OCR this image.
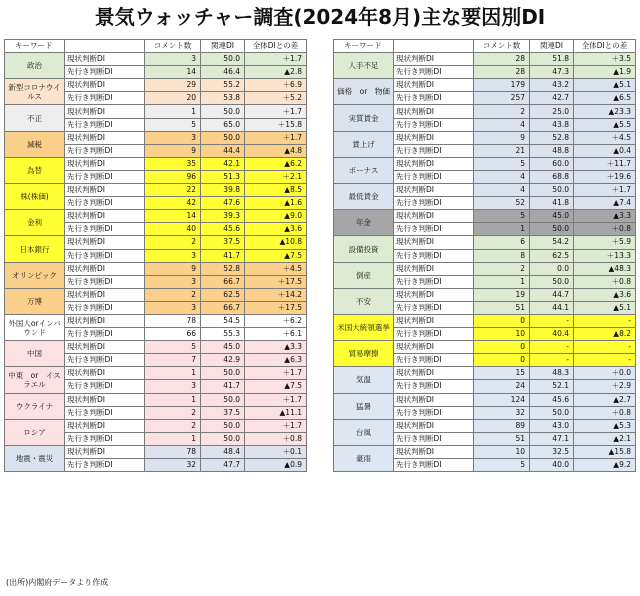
景気ウォッチャー調査(2024年8月)主な要因別DI
キーワード		コメント数	関連DI	全体DIとの差
政治	現状判断DI	3	50.0	＋1.7
	先行き判断DI	14	46.4	▲2.8
新型コロナウイルス	現状判断DI	29	55.2	＋6.9
	先行き判断DI	20	53.8	＋5.2
不正	現状判断DI	1	50.0	＋1.7
	先行き判断DI	5	65.0	＋15.8
減税	現状判断DI	3	50.0	＋1.7
	先行き判断DI	9	44.4	▲4.8
為替	現状判断DI	35	42.1	▲6.2
	先行き判断DI	96	51.3	＋2.1
株(株価)	現状判断DI	22	39.8	▲8.5
	先行き判断DI	42	47.6	▲1.6
金利	現状判断DI	14	39.3	▲9.0
	先行き判断DI	40	45.6	▲3.6
日本銀行	現状判断DI	2	37.5	▲10.8
	先行き判断DI	3	41.7	▲7.5
オリンピック	現状判断DI	9	52.8	＋4.5
	先行き判断DI	3	66.7	＋17.5
万博	現状判断DI	2	62.5	＋14.2
	先行き判断DI	3	66.7	＋17.5
外国人orインバウンド	現状判断DI	78	54.5	＋6.2
	先行き判断DI	66	55.3	＋6.1
中国	現状判断DI	5	45.0	▲3.3
	先行き判断DI	7	42.9	▲6.3
中東　or　イスラエル	現状判断DI	1	50.0	＋1.7
	先行き判断DI	3	41.7	▲7.5
ウクライナ	現状判断DI	1	50.0	＋1.7
	先行き判断DI	2	37.5	▲11.1
ロシア	現状判断DI	2	50.0	＋1.7
	先行き判断DI	1	50.0	＋0.8
地震・震災	現状判断DI	78	48.4	＋0.1
	先行き判断DI	32	47.7	▲0.9
キーワード		コメント数	関連DI	全体DIとの差
人手不足	現状判断DI	28	51.8	＋3.5
	先行き判断DI	28	47.3	▲1.9
価格　or　物価	現状判断DI	179	43.2	▲5.1
	先行き判断DI	257	42.7	▲6.5
実質賃金	現状判断DI	2	25.0	▲23.3
	先行き判断DI	4	43.8	▲5.5
賃上げ	現状判断DI	9	52.8	＋4.5
	先行き判断DI	21	48.8	▲0.4
ボーナス	現状判断DI	5	60.0	＋11.7
	先行き判断DI	4	68.8	＋19.6
最低賃金	現状判断DI	4	50.0	＋1.7
	先行き判断DI	52	41.8	▲7.4
年金	現状判断DI	5	45.0	▲3.3
	先行き判断DI	1	50.0	＋0.8
設備投資	現状判断DI	6	54.2	＋5.9
	先行き判断DI	8	62.5	＋13.3
倒産	現状判断DI	2	0.0	▲48.3
	先行き判断DI	1	50.0	＋0.8
不安	現状判断DI	19	44.7	▲3.6
	先行き判断DI	51	44.1	▲5.1
米国大統領選挙	現状判断DI	0	-	-
	先行き判断DI	10	40.4	▲8.2
貿易摩擦	現状判断DI	0	-	-
	先行き判断DI	0	-	-
気温	現状判断DI	15	48.3	＋0.0
	先行き判断DI	24	52.1	＋2.9
猛暑	現状判断DI	124	45.6	▲2.7
	先行き判断DI	32	50.0	＋0.8
台風	現状判断DI	89	43.0	▲5.3
	先行き判断DI	51	47.1	▲2.1
豪雨	現状判断DI	10	32.5	▲15.8
	先行き判断DI	5	40.0	▲9.2
(出所)内閣府データより作成
